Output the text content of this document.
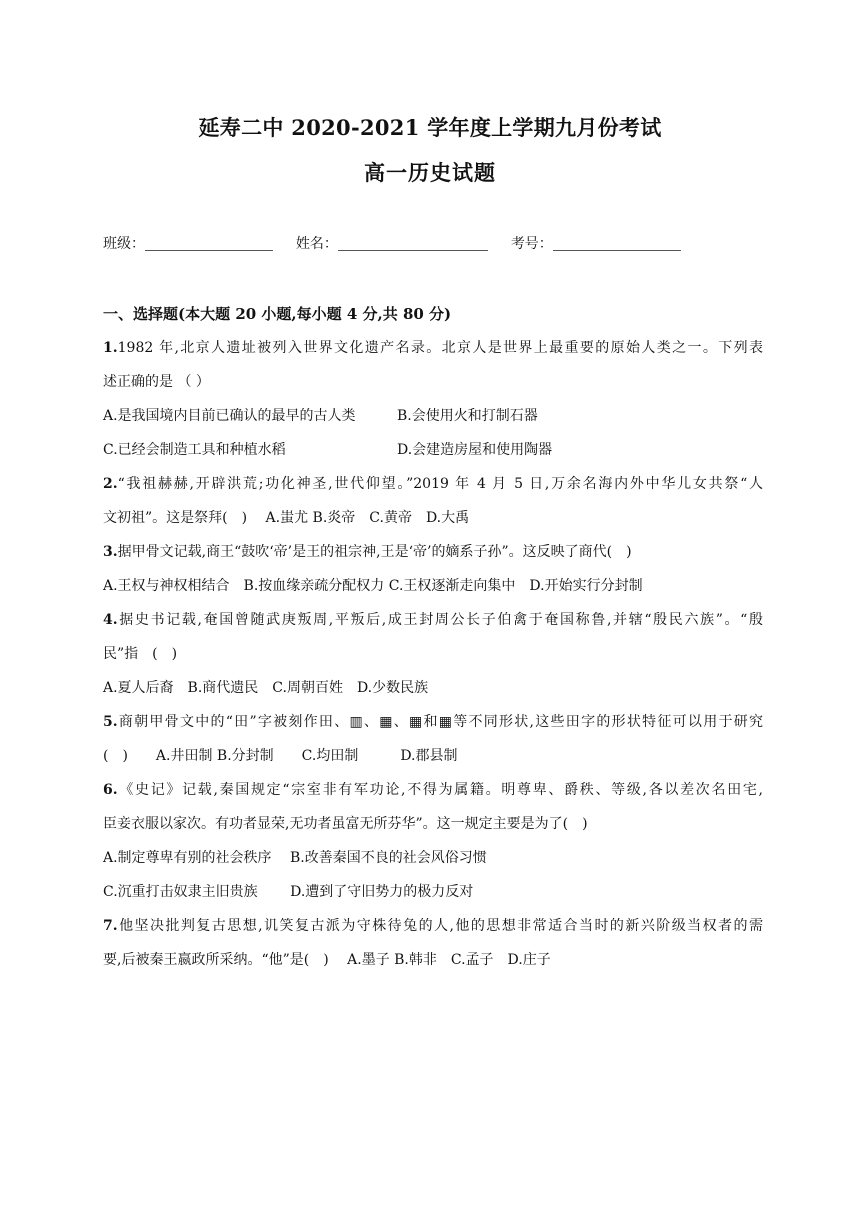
延寿二中 2020-2021 学年度上学期九月份考试
高一历史试题
班级：	姓名：	考号：
一、选择题(本大题 20 小题,每小题 4 分,共 80 分)
1.1982 年,北京人遗址被列入世界文化遗产名录。北京人是世界上最重要的原始人类之一。下列表
述正确的是 （ ）
A.是我国境内目前已确认的最早的古人类	B.会使用火和打制石器
C.已经会制造工具和种植水稻	D.会建造房屋和使用陶器
2.“我祖赫赫,开辟洪荒;功化神圣,世代仰望。”2019 年 4 月 5 日,万余名海内外中华儿女共祭“人
文初祖”。这是祭拜(　)　 A.蚩尤 B.炎帝　C.黄帝　D.大禹
3.据甲骨文记载,商王“鼓吹‘帝’是王的祖宗神,王是‘帝’的嫡系子孙”。这反映了商代(　)
A.王权与神权相结合　B.按血缘亲疏分配权力 C.王权逐渐走向集中　D.开始实行分封制
4.据史书记载,奄国曾随武庚叛周,平叛后,成王封周公长子伯禽于奄国称鲁,并辖“殷民六族”。“殷
民”指　(　)
A.夏人后裔　B.商代遗民　C.周朝百姓　D.少数民族
5.商朝甲骨文中的“田”字被刻作田、▥、▦、▦和▦等不同形状,这些田字的形状特征可以用于研究
(　)　　A.井田制 B.分封制　　C.均田制　　　D.郡县制
6.《史记》记载,秦国规定“宗室非有军功论,不得为属籍。明尊卑、爵秩、等级,各以差次名田宅,
臣妾衣服以家次。有功者显荣,无功者虽富无所芬华”。这一规定主要是为了(　)
A.制定尊卑有别的社会秩序　 B.改善秦国不良的社会风俗习惯
C.沉重打击奴隶主旧贵族　　 D.遭到了守旧势力的极力反对
7.他坚决批判复古思想,讥笑复古派为守株待兔的人,他的思想非常适合当时的新兴阶级当权者的需
要,后被秦王嬴政所采纳。“他”是(　)　 A.墨子 B.韩非　C.孟子　D.庄子
